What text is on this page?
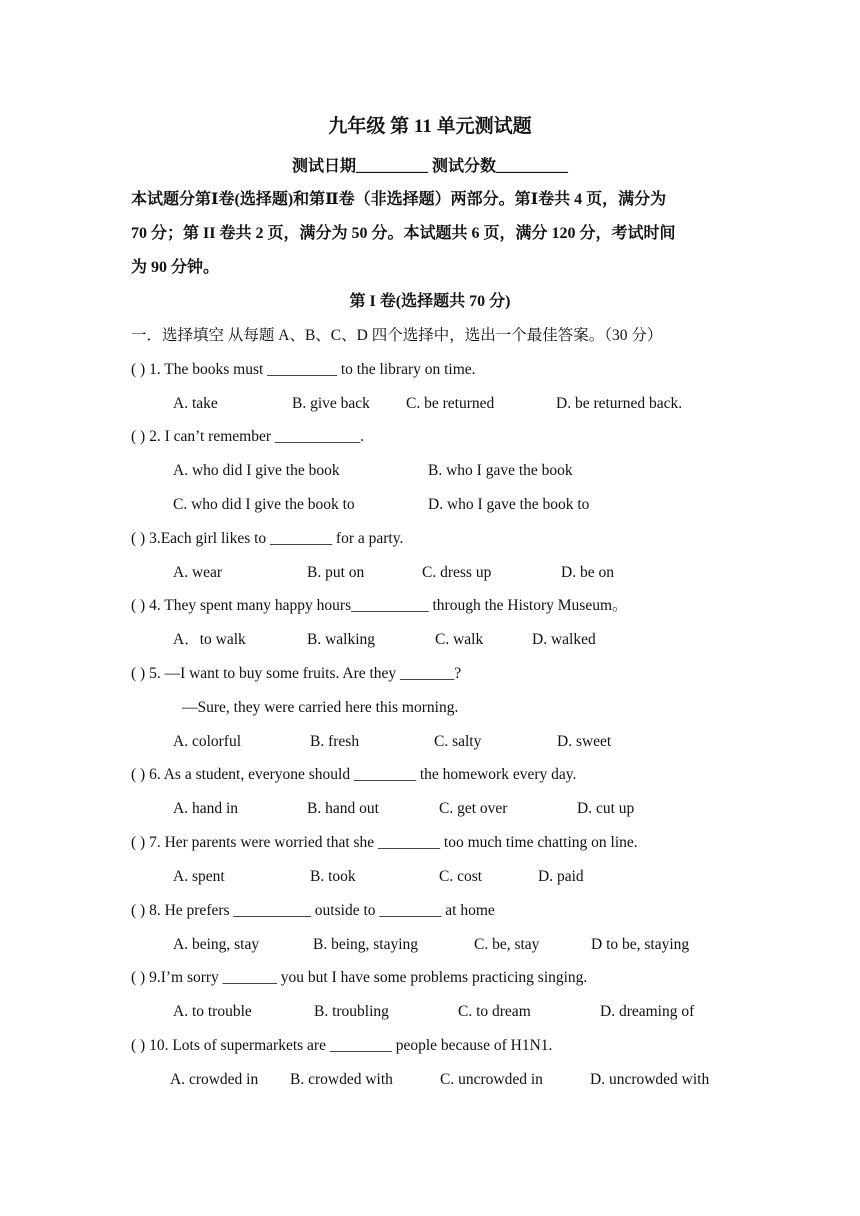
九年级 第 11 单元测试题
测试日期_________ 测试分数_________
本试题分第Ⅰ卷(选择题)和第Ⅱ卷（非选择题）两部分。第Ⅰ卷共 4 页，满分为
70 分；第 II 卷共 2 页，满分为 50 分。本试题共 6 页，满分 120 分，考试时间
为 90 分钟。
第 I 卷(选择题共 70 分)
一．选择填空 从每题 A、B、C、D 四个选择中，选出一个最佳答案。（30 分）
( ) 1. The books must _________ to the library on time.
A. take	B. give back C. be returned	D. be returned back.
( ) 2. I can’t remember ___________.
A. who did I give the book	B. who I gave the book
C. who did I give the book to	D. who I gave the book to
( ) 3.Each girl likes to ________ for a party.
A. wear	B. put on	C. dress up	D. be on
( ) 4. They spent many happy hours__________ through the History Museum。
A．to walk	B. walking	C. walk	D. walked
( ) 5. —I want to buy some fruits. Are they _______?
—Sure, they were carried here this morning.
A. colorful	B. fresh	C. salty	D. sweet
( ) 6. As a student, everyone should ________ the homework every day.
A. hand in	B. hand out	C. get over	D. cut up
( ) 7. Her parents were worried that she ________ too much time chatting on line.
A. spent	B. took	C. cost	D. paid
( ) 8. He prefers __________ outside to ________ at home
A. being, stay	B. being, staying	C. be, stay	D to be, staying
( ) 9.I’m sorry _______ you but I have some problems practicing singing.
A. to trouble	B. troubling	C. to dream	D. dreaming of
( ) 10. Lots of supermarkets are ________ people because of H1N1.
A. crowded in B. crowded with	C. uncrowded in	D. uncrowded with
